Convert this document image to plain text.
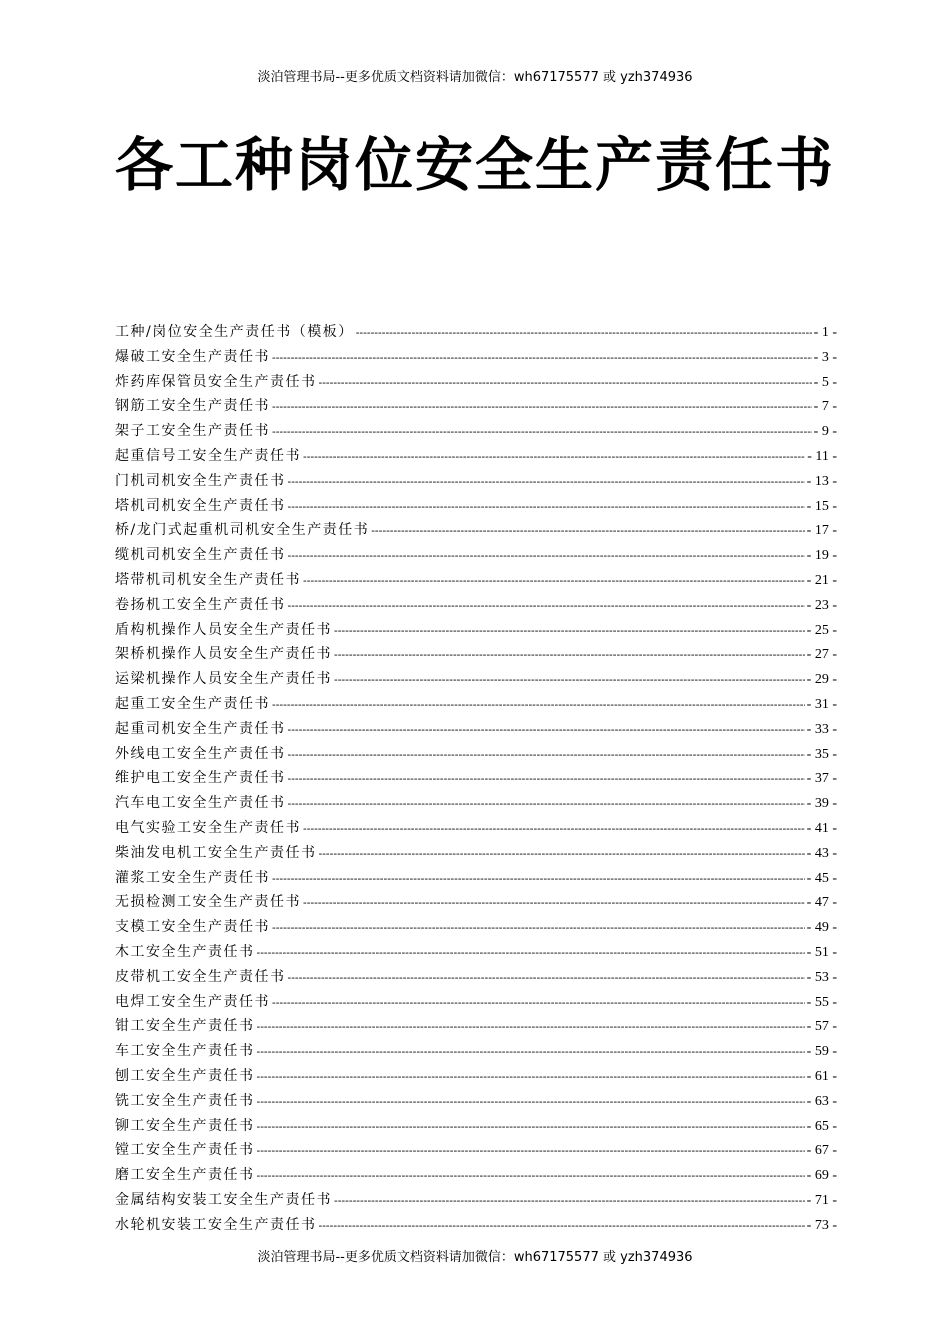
淡泊管理书局--更多优质文档资料请加微信：wh67175577 或 yzh374936
各工种岗位安全生产责任书
工种/岗位安全生产责任书（模板） -----	- 1 -
爆破工安全生产责任书 -----	- 3 -
炸药库保管员安全生产责任书 -----	- 5 -
钢筋工安全生产责任书 -----	- 7 -
架子工安全生产责任书 -----	- 9 -
起重信号工安全生产责任书 -----	- 11 -
门机司机安全生产责任书 -----	- 13 -
塔机司机安全生产责任书 -----	- 15 -
桥/龙门式起重机司机安全生产责任书 -----	- 17 -
缆机司机安全生产责任书 -----	- 19 -
塔带机司机安全生产责任书 -----	- 21 -
卷扬机工安全生产责任书 -----	- 23 -
盾构机操作人员安全生产责任书 -----	- 25 -
架桥机操作人员安全生产责任书 -----	- 27 -
运梁机操作人员安全生产责任书 -----	- 29 -
起重工安全生产责任书 -----	- 31 -
起重司机安全生产责任书 -----	- 33 -
外线电工安全生产责任书 -----	- 35 -
维护电工安全生产责任书 -----	- 37 -
汽车电工安全生产责任书 -----	- 39 -
电气实验工安全生产责任书 -----	- 41 -
柴油发电机工安全生产责任书 -----	- 43 -
灌浆工安全生产责任书 -----	- 45 -
无损检测工安全生产责任书 -----	- 47 -
支模工安全生产责任书 -----	- 49 -
木工安全生产责任书 -----	- 51 -
皮带机工安全生产责任书 -----	- 53 -
电焊工安全生产责任书 -----	- 55 -
钳工安全生产责任书 -----	- 57 -
车工安全生产责任书 -----	- 59 -
刨工安全生产责任书 -----	- 61 -
铣工安全生产责任书 -----	- 63 -
铆工安全生产责任书 -----	- 65 -
镗工安全生产责任书 -----	- 67 -
磨工安全生产责任书 -----	- 69 -
金属结构安装工安全生产责任书 -----	- 71 -
水轮机安装工安全生产责任书 -----	- 73 -
淡泊管理书局--更多优质文档资料请加微信：wh67175577 或 yzh374936
